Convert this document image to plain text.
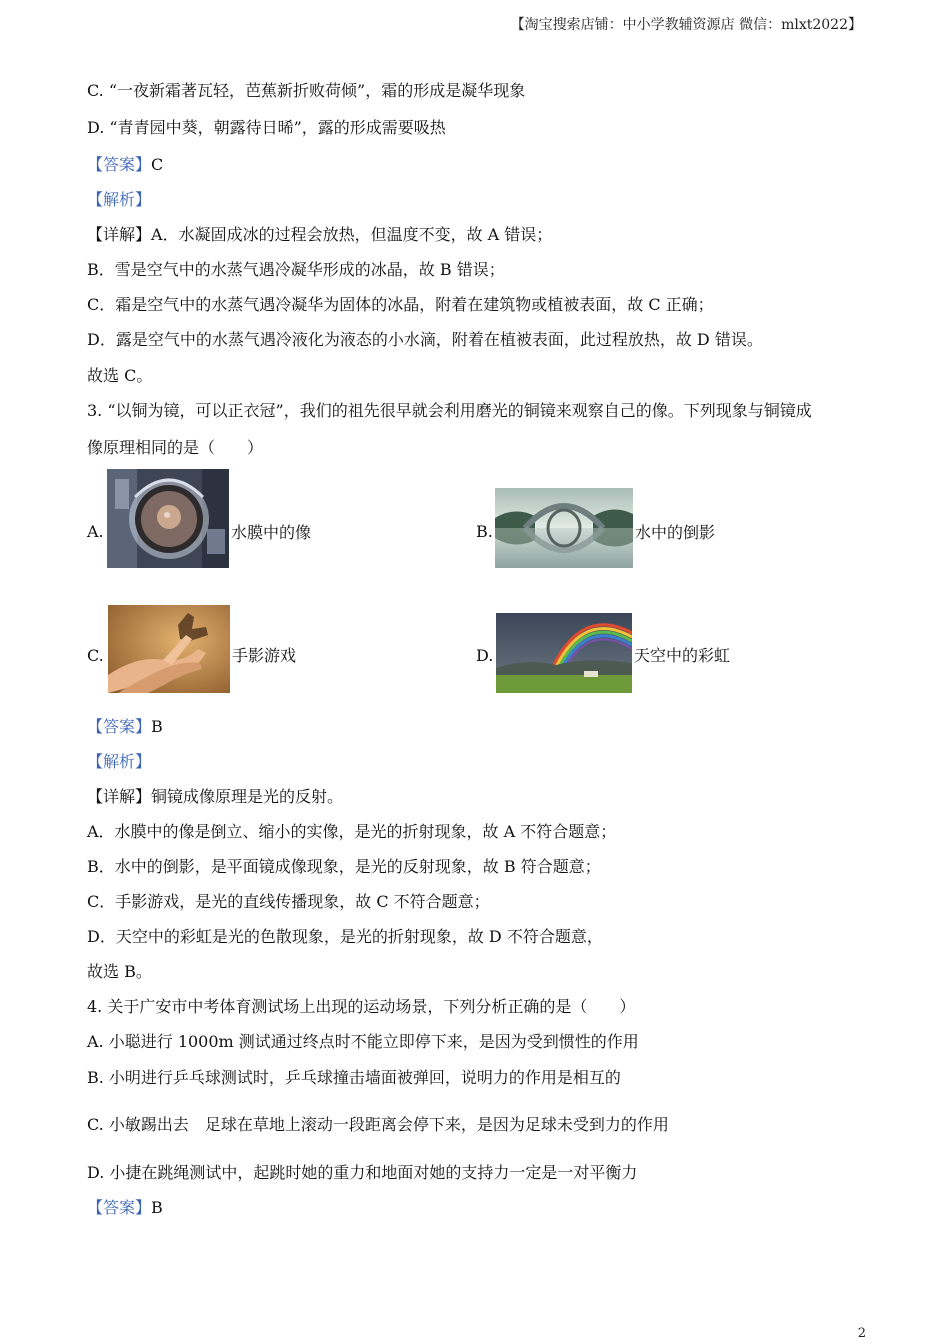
【淘宝搜索店铺：中小学教辅资源店 微信：mlxt2022】
C. “一夜新霜著瓦轻，芭蕉新折败荷倾”，霜的形成是凝华现象
D. “青青园中葵，朝露待日晞”，露的形成需要吸热
【答案】C
【解析】
【详解】A．水凝固成冰的过程会放热，但温度不变，故 A 错误；
B．雪是空气中的水蒸气遇冷凝华形成的冰晶，故 B 错误；
C．霜是空气中的水蒸气遇冷凝华为固体的冰晶，附着在建筑物或植被表面，故 C 正确；
D．露是空气中的水蒸气遇冷液化为液态的小水滴，附着在植被表面，此过程放热，故 D 错误。
故选 C。
3. “以铜为镜，可以正衣冠”，我们的祖先很早就会利用磨光的铜镜来观察自己的像。下列现象与铜镜成
像原理相同的是（　　）
A.	水膜中的像	B.	水中的倒影
C.	手影游戏	D.	天空中的彩虹
【答案】B
【解析】
【详解】铜镜成像原理是光的反射。
A．水膜中的像是倒立、缩小的实像，是光的折射现象，故 A 不符合题意；
B．水中的倒影，是平面镜成像现象，是光的反射现象，故 B 符合题意；
C．手影游戏，是光的直线传播现象，故 C 不符合题意；
D．天空中的彩虹是光的色散现象，是光的折射现象，故 D 不符合题意，
故选 B。
4. 关于广安市中考体育测试场上出现的运动场景，下列分析正确的是（　　）
A. 小聪进行 1000m 测试通过终点时不能立即停下来，是因为受到惯性的作用
B. 小明进行乒乓球测试时，乒乓球撞击墙面被弹回，说明力的作用是相互的
C. 小敏踢出去　足球在草地上滚动一段距离会停下来，是因为足球未受到力的作用
D. 小捷在跳绳测试中，起跳时她的重力和地面对她的支持力一定是一对平衡力
【答案】B
2
